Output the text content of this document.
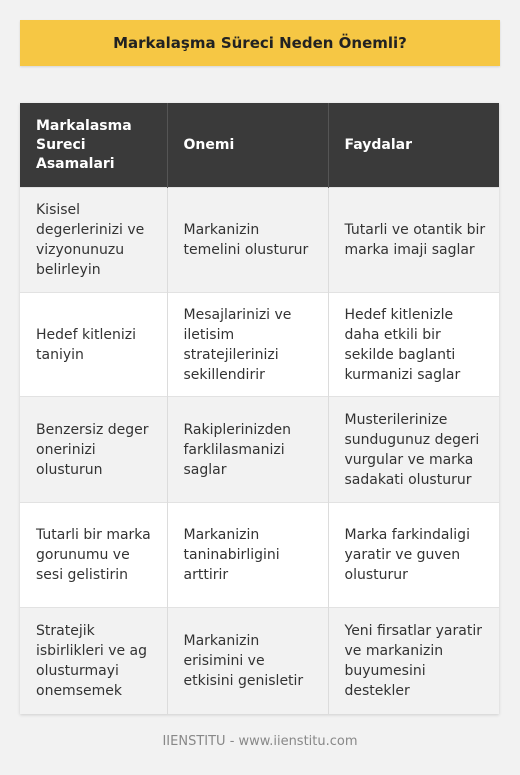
Markalaşma Süreci Neden Önemli?
Markalasma Sureci Asamalari	Onemi	Faydalar
Kisisel degerlerinizi ve vizyonunuzu belirleyin	Markanizin temelini olusturur	Tutarli ve otantik bir marka imaji saglar
Hedef kitlenizi taniyin	Mesajlarinizi ve iletisim stratejilerinizi sekillendirir	Hedef kitlenizle daha etkili bir sekilde baglanti kurmanizi saglar
Benzersiz deger onerinizi olusturun	Rakiplerinizden farklilasmanizi saglar	Musterilerinize sundugunuz degeri vurgular ve marka sadakati olusturur
Tutarli bir marka gorunumu ve sesi gelistirin	Markanizin taninabirligini arttirir	Marka farkindaligi yaratir ve guven olusturur
Stratejik isbirlikleri ve ag olusturmayi onemsemek	Markanizin erisimini ve etkisini genisletir	Yeni firsatlar yaratir ve markanizin buyumesini destekler
IIENSTITU - www.iienstitu.com
